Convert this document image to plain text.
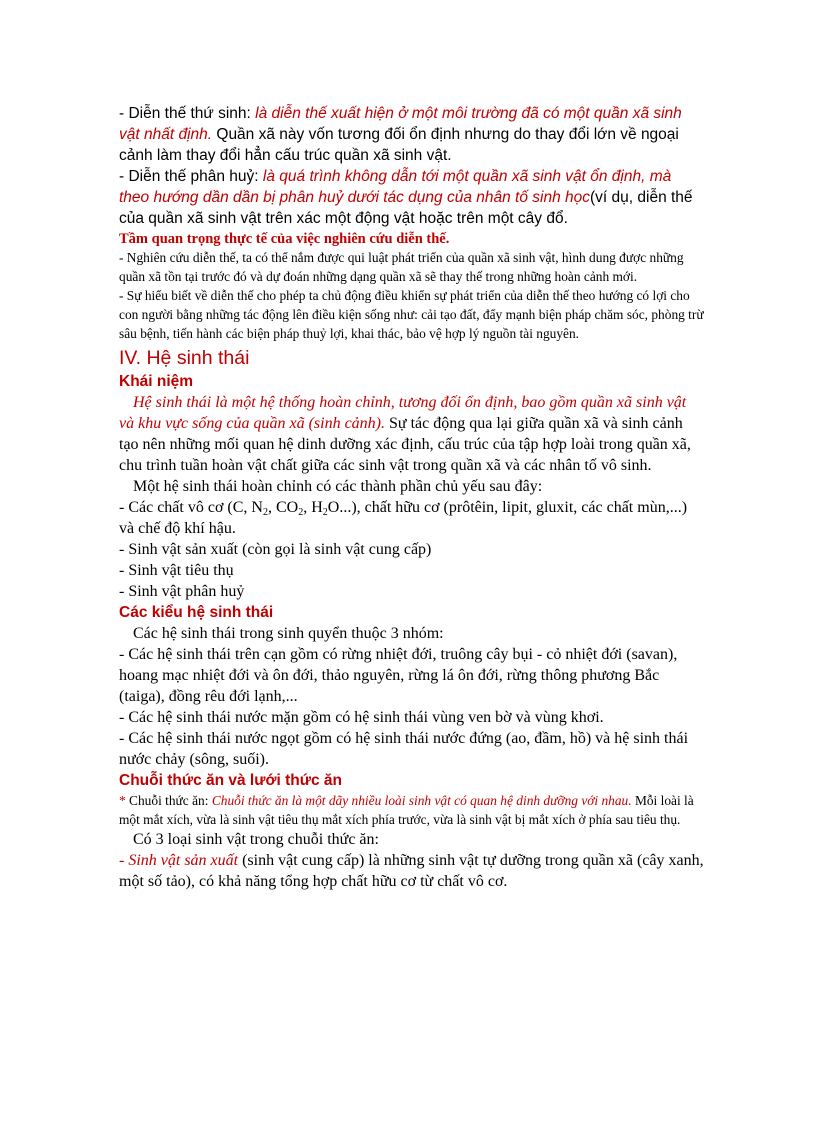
- Diễn thế thứ sinh: là diễn thế xuất hiện ở một môi trường đã có một quần xã sinh vật nhất định. Quần xã này vốn tương đối ổn định nhưng do thay đổi lớn về ngoại cảnh làm thay đổi hẳn cấu trúc quần xã sinh vật.

- Diễn thế phân huỷ: là quá trình không dẫn tới một quần xã sinh vật ổn định, mà theo hướng dần dần bị phân huỷ dưới tác dụng của nhân tố sinh học(ví dụ, diễn thế của quần xã sinh vật trên xác một động vật hoặc trên một cây đổ.

Tầm quan trọng thực tế của việc nghiên cứu diễn thế.

- Nghiên cứu diễn thế, ta có thể nắm được qui luật phát triển của quần xã sinh vật, hình dung được những quần xã tồn tại trước đó và dự đoán những dạng quần xã sẽ thay thế trong những hoàn cảnh mới.

- Sự hiểu biết về diễn thế cho phép ta chủ động điều khiển sự phát triển của diễn thế theo hướng có lợi cho con người bằng những tác động lên điều kiện sống như: cải tạo đất, đẩy mạnh biện pháp chăm sóc, phòng trừ sâu bệnh, tiến hành các biện pháp thuỷ lợi, khai thác, bảo vệ hợp lý nguồn tài nguyên.

IV. Hệ sinh thái

Khái niệm

Hệ sinh thái là một hệ thống hoàn chỉnh, tương đối ổn định, bao gồm quần xã sinh vật và khu vực sống của quần xã (sinh cảnh). Sự tác động qua lại giữa quần xã và sinh cảnh tạo nên những mối quan hệ dinh dưỡng xác định, cấu trúc của tập hợp loài trong quần xã, chu trình tuần hoàn vật chất giữa các sinh vật trong quần xã và các nhân tố vô sinh.

Một hệ sinh thái hoàn chỉnh có các thành phần chủ yếu sau đây:

- Các chất vô cơ (C, $N_2$, $CO_2$, $H_2O$...), chất hữu cơ (prôtêin, lipit, gluxit, các chất mùn,...) và chế độ khí hậu.

- Sinh vật sản xuất (còn gọi là sinh vật cung cấp)

- Sinh vật tiêu thụ

- Sinh vật phân huỷ

Các kiểu hệ sinh thái

Các hệ sinh thái trong sinh quyển thuộc 3 nhóm:

- Các hệ sinh thái trên cạn gồm có rừng nhiệt đới, truông cây bụi - cỏ nhiệt đới (savan), hoang mạc nhiệt đới và ôn đới, thảo nguyên, rừng lá ôn đới, rừng thông phương Bắc (taiga), đồng rêu đới lạnh,...

- Các hệ sinh thái nước mặn gồm có hệ sinh thái vùng ven bờ và vùng khơi.

- Các hệ sinh thái nước ngọt gồm có hệ sinh thái nước đứng (ao, đầm, hồ) và hệ sinh thái nước chảy (sông, suối).

Chuỗi thức ăn và lưới thức ăn

* Chuỗi thức ăn: Chuỗi thức ăn là một dãy nhiều loài sinh vật có quan hệ dinh dưỡng với nhau. Mỗi loài là một mắt xích, vừa là sinh vật tiêu thụ mắt xích phía trước, vừa là sinh vật bị mắt xích ở phía sau tiêu thụ.

Có 3 loại sinh vật trong chuỗi thức ăn:

- Sinh vật sản xuất (sinh vật cung cấp) là những sinh vật tự dưỡng trong quần xã (cây xanh, một số tảo), có khả năng tổng hợp chất hữu cơ từ chất vô cơ.
